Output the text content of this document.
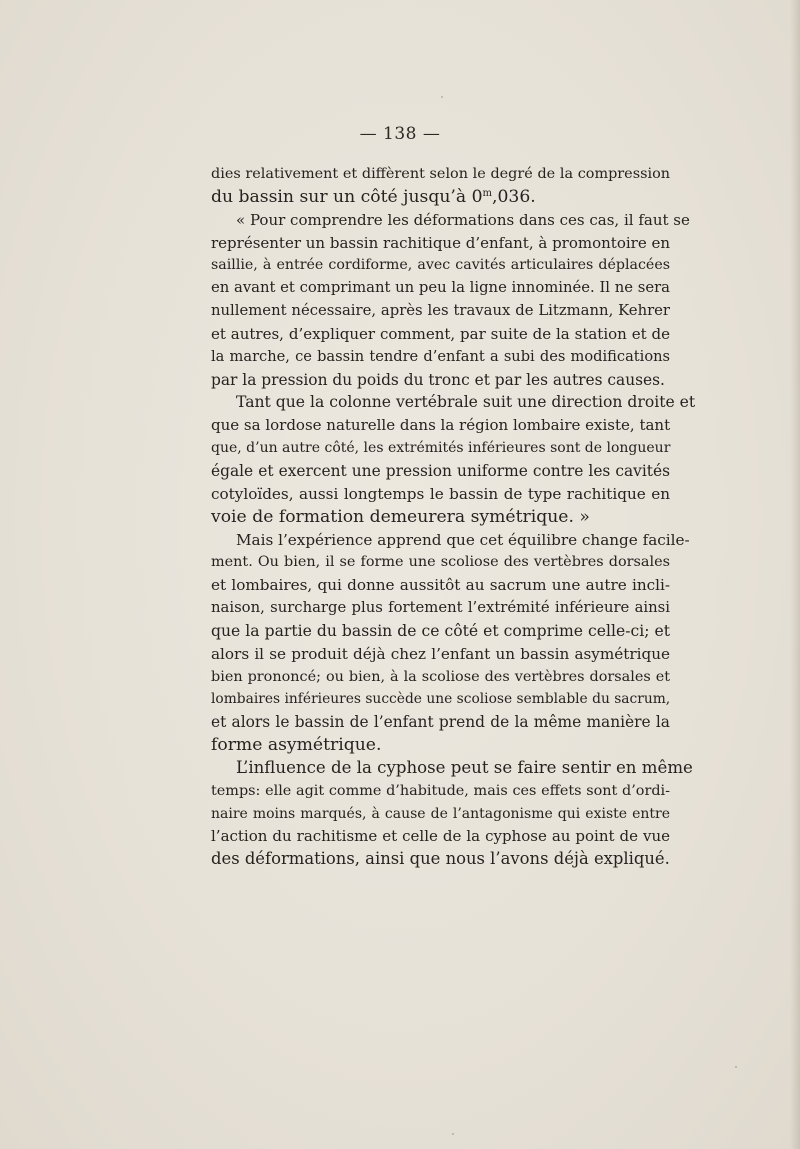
— 138 —
dies relativement et diffèrent selon le degré de la compression
du bassin sur un côté jusqu’à 0$^m$,036.
« Pour comprendre les déformations dans ces cas, il faut se
représenter un bassin rachitique d’enfant, à promontoire en
saillie, à entrée cordiforme, avec cavités articulaires déplacées
en avant et comprimant un peu la ligne innominée. Il ne sera
nullement nécessaire, après les travaux de Litzmann, Kehrer
et autres, d’expliquer comment, par suite de la station et de
la marche, ce bassin tendre d’enfant a subi des modifications
par la pression du poids du tronc et par les autres causes.
Tant que la colonne vertébrale suit une direction droite et
que sa lordose naturelle dans la région lombaire existe, tant
que, d’un autre côté, les extrémités inférieures sont de longueur
égale et exercent une pression uniforme contre les cavités
cotyloïdes, aussi longtemps le bassin de type rachitique en
voie de formation demeurera symétrique. »
Mais l’expérience apprend que cet équilibre change facile-
ment. Ou bien, il se forme une scoliose des vertèbres dorsales
et lombaires, qui donne aussitôt au sacrum une autre incli-
naison, surcharge plus fortement l’extrémité inférieure ainsi
que la partie du bassin de ce côté et comprime celle-ci; et
alors il se produit déjà chez l’enfant un bassin asymétrique
bien prononcé; ou bien, à la scoliose des vertèbres dorsales et
lombaires inférieures succède une scoliose semblable du sacrum,
et alors le bassin de l’enfant prend de la même manière la
forme asymétrique.
L’influence de la cyphose peut se faire sentir en même
temps: elle agit comme d’habitude, mais ces effets sont d’ordi-
naire moins marqués, à cause de l’antagonisme qui existe entre
l’action du rachitisme et celle de la cyphose au point de vue
des déformations, ainsi que nous l’avons déjà expliqué.
